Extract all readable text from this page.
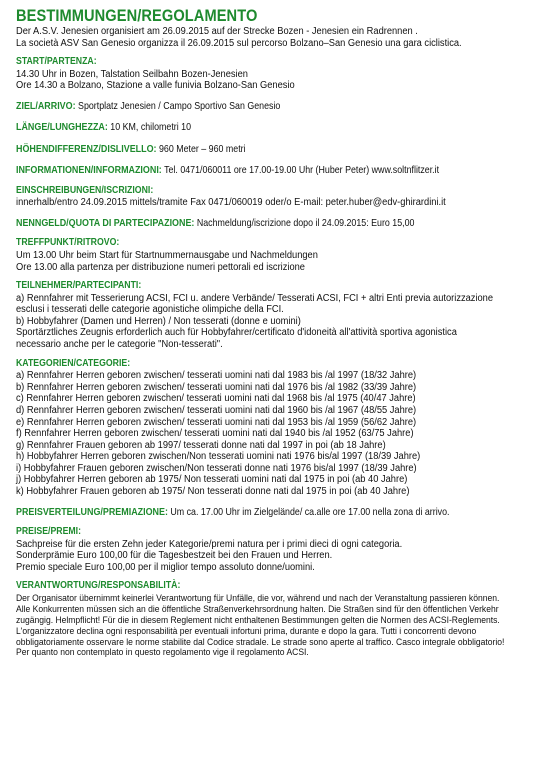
BESTIMMUNGEN/REGOLAMENTO
Der A.S.V. Jenesien organisiert am 26.09.2015 auf der Strecke Bozen - Jenesien ein Radrennen .
La società ASV San Genesio organizza il 26.09.2015 sul percorso Bolzano–San Genesio una gara ciclistica.
START/PARTENZA:
14.30 Uhr in Bozen, Talstation Seilbahn Bozen-Jenesien
Ore 14.30 a Bolzano, Stazione a valle funivia Bolzano-San Genesio
ZIEL/ARRIVO: Sportplatz Jenesien / Campo Sportivo San Genesio
LÄNGE/LUNGHEZZA: 10 KM, chilometri 10
HÖHENDIFFERENZ/DISLIVELLO: 960 Meter – 960 metri
INFORMATIONEN/INFORMAZIONI: Tel. 0471/060011 ore 17.00-19.00 Uhr (Huber Peter) www.soltnflitzer.it
EINSCHREIBUNGEN/ISCRIZIONI:
innerhalb/entro 24.09.2015 mittels/tramite Fax 0471/060019 oder/o E-mail: peter.huber@edv-ghirardini.it
NENNGELD/QUOTA DI PARTECIPAZIONE: Nachmeldung/iscrizione dopo il 24.09.2015: Euro 15,00
TREFFPUNKT/RITROVO:
Um 13.00 Uhr beim Start für Startnummernausgabe und Nachmeldungen
Ore 13.00 alla partenza per distribuzione numeri pettorali ed iscrizione
TEILNEHMER/PARTECIPANTI:
a) Rennfahrer mit Tesserierung ACSI, FCI u. andere Verbände/ Tesserati ACSI, FCI + altri Enti previa autorizzazione
esclusi i tesserati delle categorie agonistiche olimpiche della FCI.
b) Hobbyfahrer (Damen und Herren) / Non tesserati (donne e uomini)
Sportärztliches Zeugnis erforderlich auch für Hobbyfahrer/certificato d'idoneità all'attività sportiva agonistica
necessario anche per le categorie "Non-tesserati".
KATEGORIEN/CATEGORIE:
a) Rennfahrer Herren geboren zwischen/ tesserati uomini nati dal 1983 bis /al 1997 (18/32 Jahre)
b) Rennfahrer Herren geboren zwischen/ tesserati uomini nati dal 1976 bis /al 1982 (33/39 Jahre)
c) Rennfahrer Herren geboren zwischen/ tesserati uomini nati dal 1968 bis /al 1975 (40/47 Jahre)
d) Rennfahrer Herren geboren zwischen/ tesserati uomini nati dal 1960 bis /al 1967 (48/55 Jahre)
e) Rennfahrer Herren geboren zwischen/ tesserati uomini nati dal 1953 bis /al 1959 (56/62 Jahre)
f) Rennfahrer Herren geboren zwischen/ tesserati uomini nati dal 1940 bis /al 1952 (63/75 Jahre)
g) Rennfahrer Frauen geboren ab 1997/ tesserati donne nati dal 1997 in poi (ab 18 Jahre)
h) Hobbyfahrer Herren geboren zwischen/Non tesserati uomini nati 1976 bis/al 1997 (18/39 Jahre)
i) Hobbyfahrer Frauen geboren zwischen/Non tesserati donne nati 1976 bis/al 1997 (18/39 Jahre)
j) Hobbyfahrer Herren geboren ab 1975/ Non tesserati uomini nati dal 1975 in poi (ab 40 Jahre)
k) Hobbyfahrer Frauen geboren ab 1975/ Non tesserati donne nati dal 1975 in poi (ab 40 Jahre)
PREISVERTEILUNG/PREMIAZIONE: Um ca. 17.00 Uhr im Zielgelände/ ca.alle ore 17.00 nella zona di arrivo.
PREISE/PREMI:
Sachpreise für die ersten Zehn jeder Kategorie/premi natura per i primi dieci di ogni categoria.
Sonderprämie Euro 100,00 für die Tagesbestzeit bei den Frauen und Herren.
Premio speciale Euro 100,00 per il miglior tempo assoluto donne/uomini.
VERANTWORTUNG/RESPONSABILITÀ:
Der Organisator übernimmt keinerlei Verantwortung für Unfälle, die vor, während und nach der Veranstaltung passieren können.
Alle Konkurrenten müssen sich an die öffentliche Straßenverkehrsordnung halten. Die Straßen sind für den öffentlichen Verkehr
zugängig. Helmpflicht! Für die in diesem Reglement nicht enthaltenen Bestimmungen gelten die Normen des ACSI-Reglements.
L'organizzatore declina ogni responsabilità per eventuali infortuni prima, durante e dopo la gara. Tutti i concorrenti devono
obbligatoriamente osservare le norme stabilite dal Codice stradale. Le strade sono aperte al traffico. Casco integrale obbligatorio!
Per quanto non contemplato in questo regolamento vige il regolamento ACSI.
